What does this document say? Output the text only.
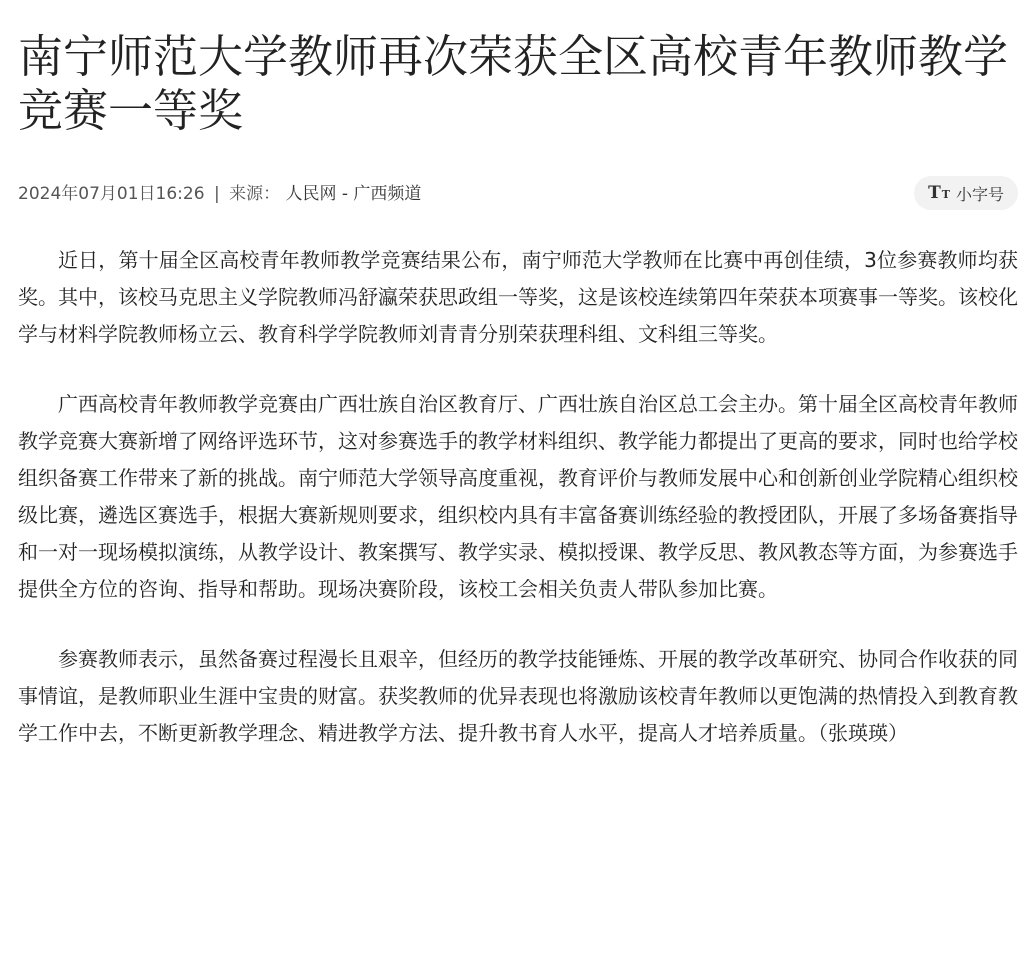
南宁师范大学教师再次荣获全区高校青年教师教学竞赛一等奖
2024年07月01日16:26 | 来源： 人民网 - 广西频道	T T 小字号

近日，第十届全区高校青年教师教学竞赛结果公布，南宁师范大学教师在比赛中再创佳绩，3位参赛教师均获奖。其中，该校马克思主义学院教师冯舒瀛荣获思政组一等奖，这是该校连续第四年荣获本项赛事一等奖。该校化学与材料学院教师杨立云、教育科学学院教师刘青青分别荣获理科组、文科组三等奖。

广西高校青年教师教学竞赛由广西壮族自治区教育厅、广西壮族自治区总工会主办。第十届全区高校青年教师教学竞赛大赛新增了网络评选环节，这对参赛选手的教学材料组织、教学能力都提出了更高的要求，同时也给学校组织备赛工作带来了新的挑战。南宁师范大学领导高度重视，教育评价与教师发展中心和创新创业学院精心组织校级比赛，遴选区赛选手，根据大赛新规则要求，组织校内具有丰富备赛训练经验的教授团队，开展了多场备赛指导和一对一现场模拟演练，从教学设计、教案撰写、教学实录、模拟授课、教学反思、教风教态等方面，为参赛选手提供全方位的咨询、指导和帮助。现场决赛阶段，该校工会相关负责人带队参加比赛。

参赛教师表示，虽然备赛过程漫长且艰辛，但经历的教学技能锤炼、开展的教学改革研究、协同合作收获的同事情谊，是教师职业生涯中宝贵的财富。获奖教师的优异表现也将激励该校青年教师以更饱满的热情投入到教育教学工作中去，不断更新教学理念、精进教学方法、提升教书育人水平，提高人才培养质量。（张瑛瑛）
